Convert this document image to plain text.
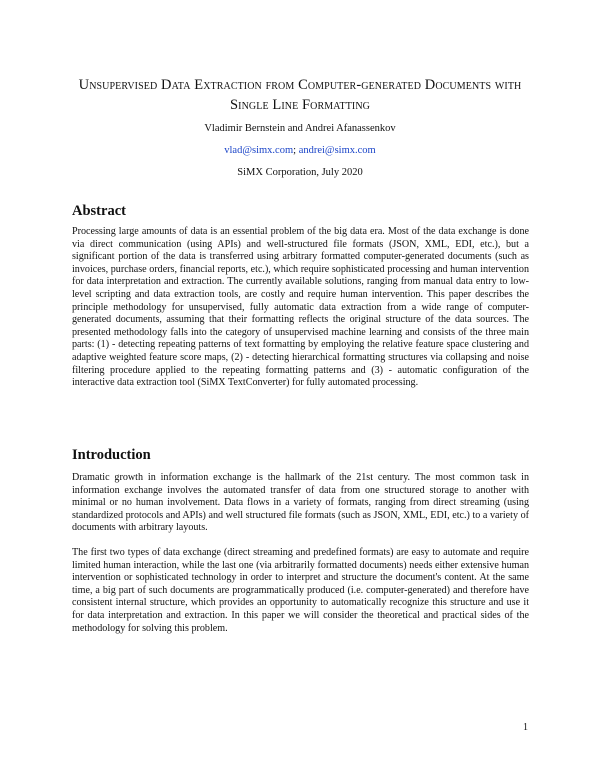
Unsupervised Data Extraction from Computer-generated Documents with Single Line Formatting
Vladimir Bernstein and Andrei Afanassenkov
vlad@simx.com; andrei@simx.com
SiMX Corporation, July 2020
Abstract
Processing large amounts of data is an essential problem of the big data era. Most of the data exchange is done via direct communication (using APIs) and well-structured file formats (JSON, XML, EDI, etc.), but a significant portion of the data is transferred using arbitrary formatted computer-generated documents (such as invoices, purchase orders, financial reports, etc.), which require sophisticated processing and human intervention for data interpretation and extraction. The currently available solutions, ranging from manual data entry to low-level scripting and data extraction tools, are costly and require human intervention. This paper describes the principle methodology for unsupervised, fully automatic data extraction from a wide range of computer-generated documents, assuming that their formatting reflects the original structure of the data sources. The presented methodology falls into the category of unsupervised machine learning and consists of the three main parts: (1) - detecting repeating patterns of text formatting by employing the relative feature space clustering and adaptive weighted feature score maps, (2) - detecting hierarchical formatting structures via collapsing and noise filtering procedure applied to the repeating formatting patterns and (3) - automatic configuration of the interactive data extraction tool (SiMX TextConverter) for fully automated processing.
Introduction
Dramatic growth in information exchange is the hallmark of the 21st century. The most common task in information exchange involves the automated transfer of data from one structured storage to another with minimal or no human involvement. Data flows in a variety of formats, ranging from direct streaming (using standardized protocols and APIs) and well structured file formats (such as JSON, XML, EDI, etc.) to a variety of documents with arbitrary layouts.
The first two types of data exchange (direct streaming and predefined formats) are easy to automate and require limited human interaction, while the last one (via arbitrarily formatted documents) needs either extensive human intervention or sophisticated technology in order to interpret and structure the document's content. At the same time, a big part of such documents are programmatically produced (i.e. computer-generated) and therefore have consistent internal structure, which provides an opportunity to automatically recognize this structure and use it for data interpretation and extraction. In this paper we will consider the theoretical and practical sides of the methodology for solving this problem.
1
